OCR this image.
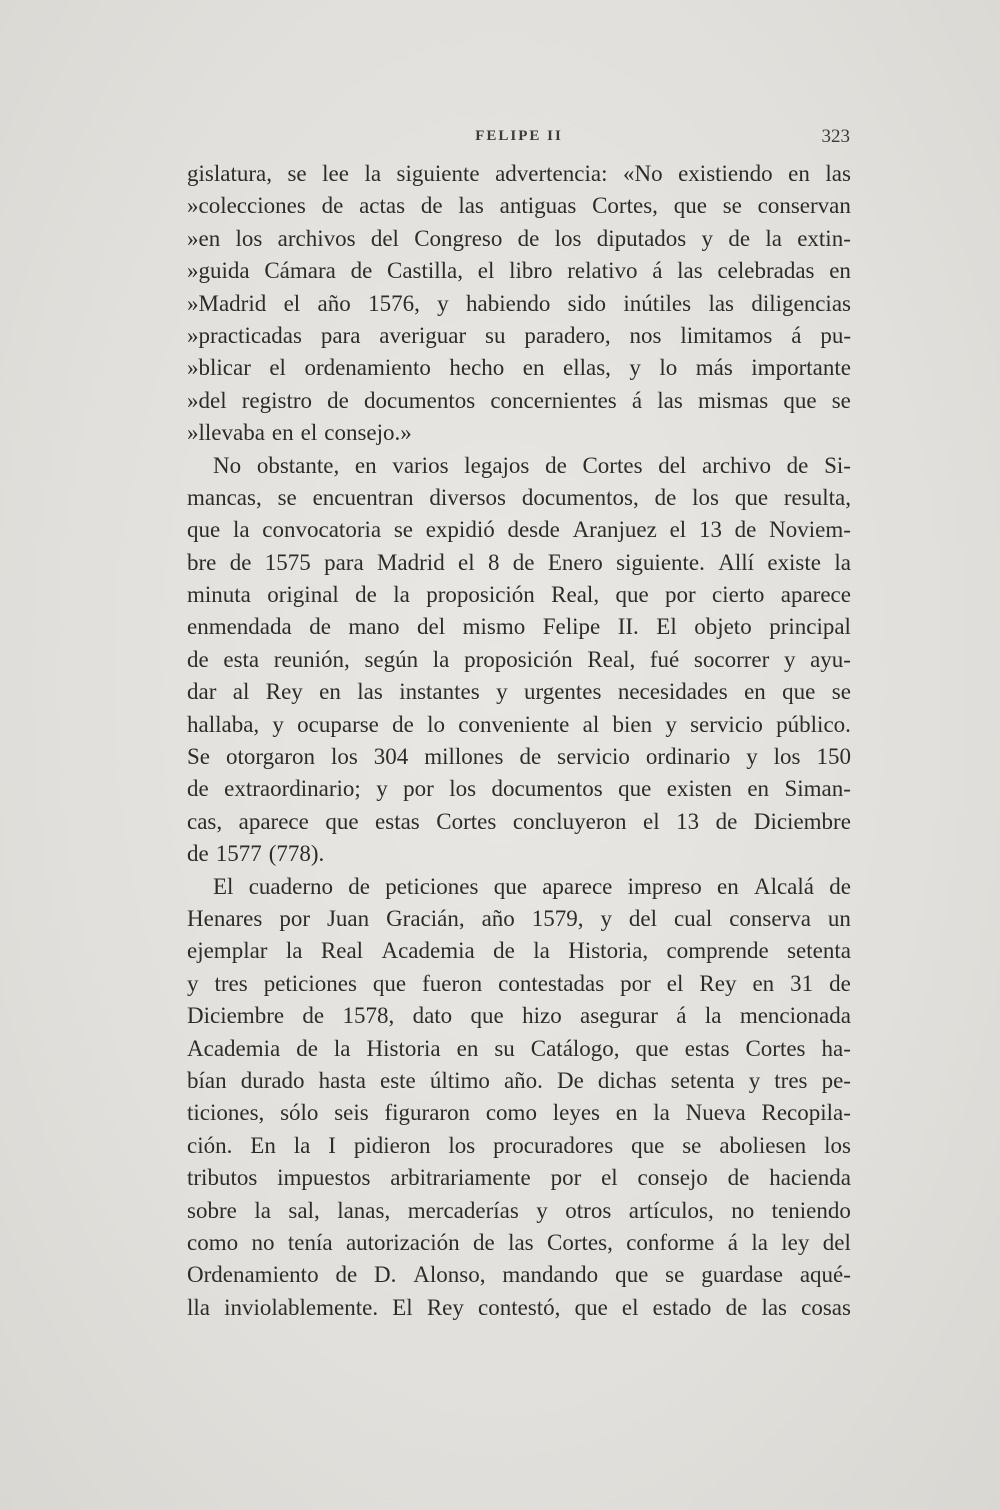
FELIPE II	323
gislatura, se lee la siguiente advertencia: «No existiendo en las
»colecciones de actas de las antiguas Cortes, que se conservan
»en los archivos del Congreso de los diputados y de la extin-
»guida Cámara de Castilla, el libro relativo á las celebradas en
»Madrid el año 1576, y habiendo sido inútiles las diligencias
»practicadas para averiguar su paradero, nos limitamos á pu-
»blicar el ordenamiento hecho en ellas, y lo más importante
»del registro de documentos concernientes á las mismas que se
»llevaba en el consejo.»
No obstante, en varios legajos de Cortes del archivo de Si-
mancas, se encuentran diversos documentos, de los que resulta,
que la convocatoria se expidió desde Aranjuez el 13 de Noviem-
bre de 1575 para Madrid el 8 de Enero siguiente. Allí existe la
minuta original de la proposición Real, que por cierto aparece
enmendada de mano del mismo Felipe II. El objeto principal
de esta reunión, según la proposición Real, fué socorrer y ayu-
dar al Rey en las instantes y urgentes necesidades en que se
hallaba, y ocuparse de lo conveniente al bien y servicio público.
Se otorgaron los 304 millones de servicio ordinario y los 150
de extraordinario; y por los documentos que existen en Siman-
cas, aparece que estas Cortes concluyeron el 13 de Diciembre
de 1577 (778).
El cuaderno de peticiones que aparece impreso en Alcalá de
Henares por Juan Gracián, año 1579, y del cual conserva un
ejemplar la Real Academia de la Historia, comprende setenta
y tres peticiones que fueron contestadas por el Rey en 31 de
Diciembre de 1578, dato que hizo asegurar á la mencionada
Academia de la Historia en su Catálogo, que estas Cortes ha-
bían durado hasta este último año. De dichas setenta y tres pe-
ticiones, sólo seis figuraron como leyes en la Nueva Recopila-
ción. En la I pidieron los procuradores que se aboliesen los
tributos impuestos arbitrariamente por el consejo de hacienda
sobre la sal, lanas, mercaderías y otros artículos, no teniendo
como no tenía autorización de las Cortes, conforme á la ley del
Ordenamiento de D. Alonso, mandando que se guardase aqué-
lla inviolablemente. El Rey contestó, que el estado de las cosas
